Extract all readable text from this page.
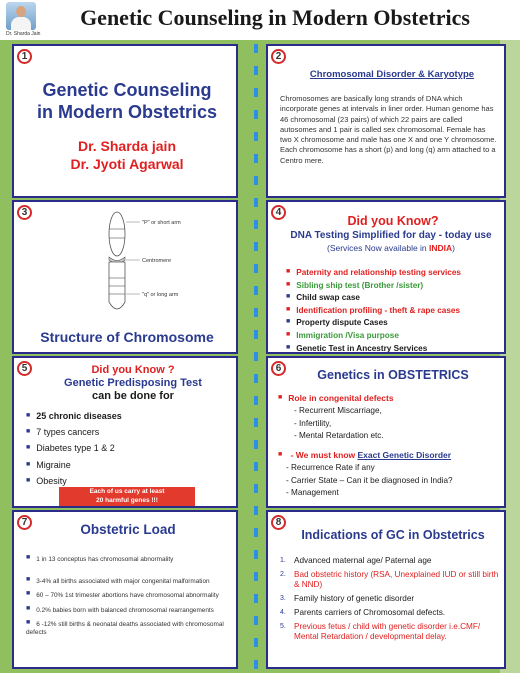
Dr. Sharda Jain
Genetic Counseling in Modern Obstetrics
1
Genetic Counseling in Modern Obstetrics
Dr. Sharda jain
Dr. Jyoti Agarwal
2
Chromosomal Disorder & Karyotype
Chromosomes are basically long strands of DNA which incorporate genes at intervals in liner order. Human genome has 46 chromosomal (23 pairs) of which 22 pairs are called autosomes and 1 pair is called sex chromosomal. Female has two X chromosome and male has one X and one Y chromosome. Each chromosome has a short (p) and long (q) arm attached to a Centro mere.
3
"P" or short arm
Centromere
"q" or long arm
Structure of Chromosome
4
Did you Know?
DNA Testing Simplified for day - today use
(Services Now available in INDIA)
■ Paternity and relationship testing services
■ Sibling ship test (Brother /sister)
■ Child swap case
■ Identification profiling - theft & rape cases
■ Property dispute Cases
■ Immigration /Visa purpose
■ Genetic Test in Ancestry Services
5	Did you Know ?
Genetic Predisposing Test
can be done for
■ 25 chronic diseases
■ 7 types cancers
■ Diabetes type 1 & 2
■ Migraine
■ Obesity
Each of us carry at least
20 harmful genes !!!
6	Genetics in OBSTETRICS
■ Role in congenital defects
- Recurrent Miscarriage,
- Infertility,
- Mental Retardation etc.
■ - We must know Exact Genetic Disorder
- Recurrence Rate if any
- Carrier State – Can it be diagnosed in India?
- Management
7	Obstetric Load
■ 1 in 13 conceptus has chromosomal abnormality
■ 3-4% all births associated with major congenital malformation
■ 60 – 70% 1st trimester abortions have chromosomal abnormality
■ 0.2% babies born with balanced chromosomal rearrangements
■ 6 -12% still births & neonatal deaths associated with chromosomal defects
8
Indications of GC in Obstetrics
1. Advanced maternal age/ Paternal age
2. Bad obstetric history (RSA, Unexplained IUD or still birth & NND)
3. Family history of genetic disorder
4. Parents carriers of Chromosomal defects.
5. Previous fetus / child with genetic disorder i.e.CMF/ Mental Retardation / developmental delay.
